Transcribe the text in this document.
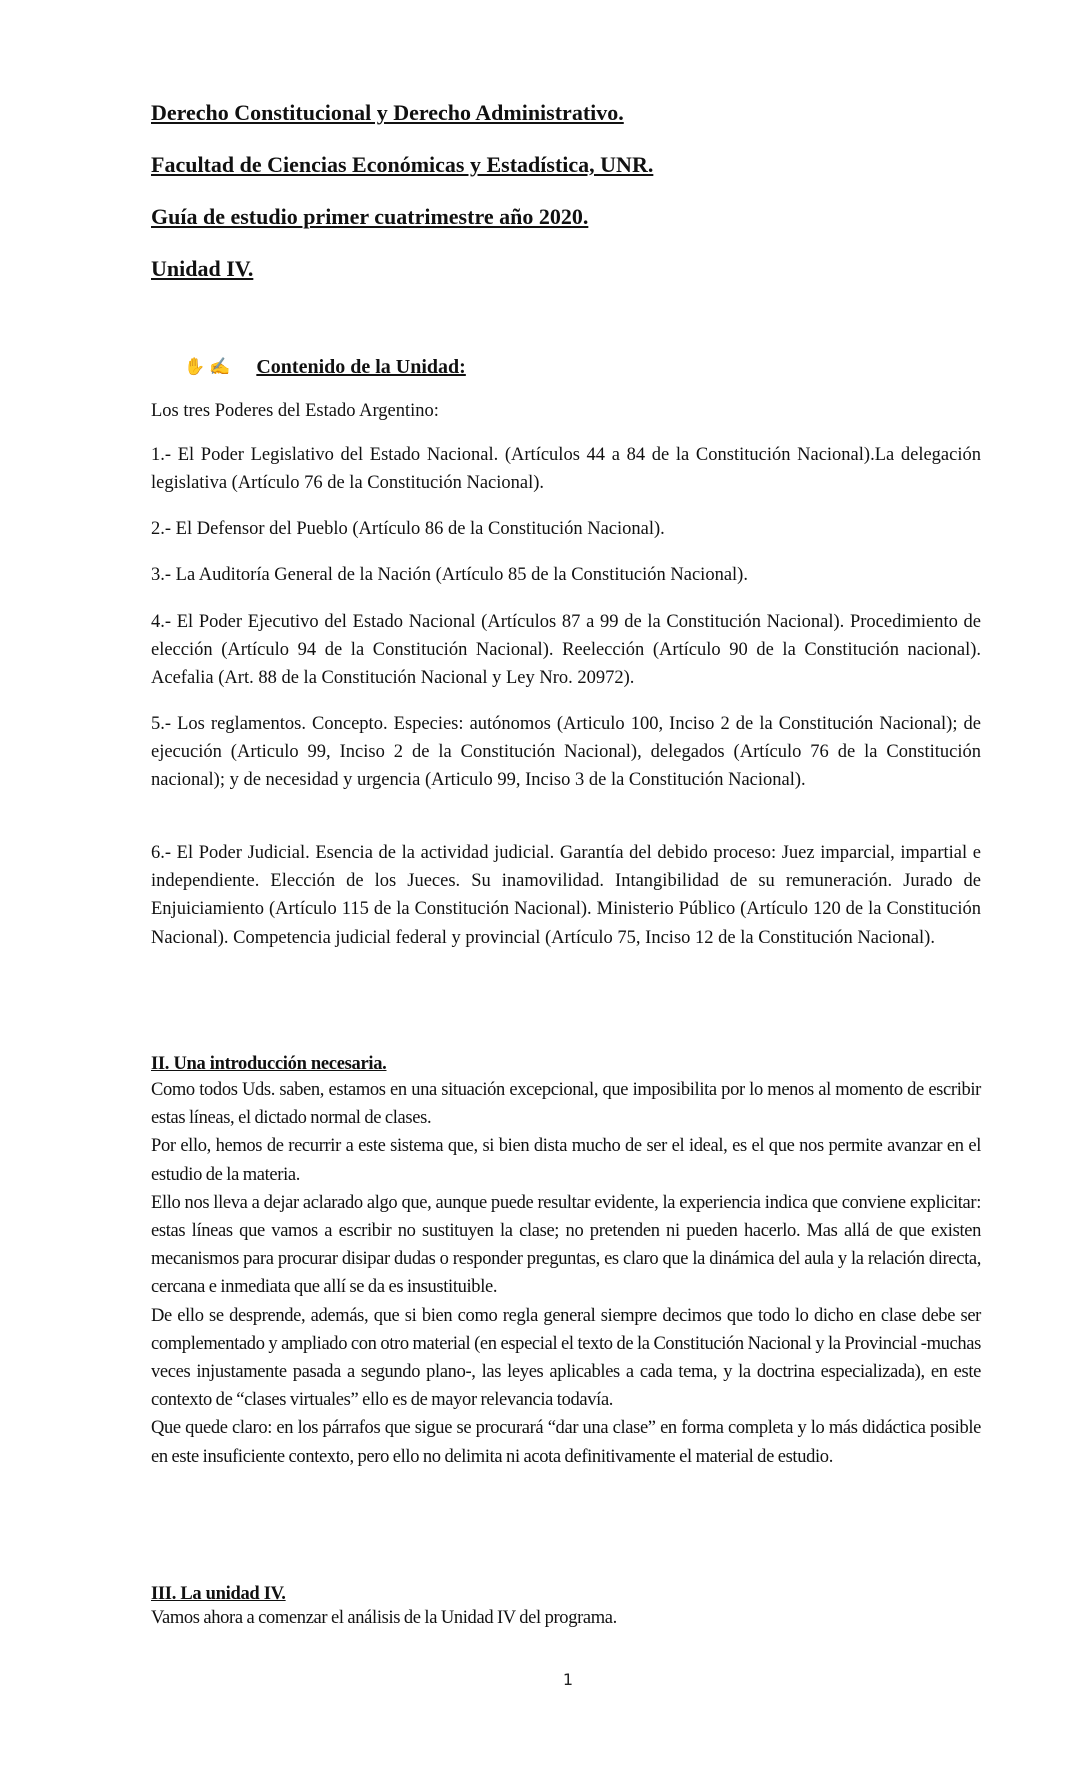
Derecho Constitucional y Derecho Administrativo.
Facultad de Ciencias Económicas y Estadística, UNR.
Guía de estudio primer cuatrimestre año 2020.
Unidad IV.
✋ ✍ Contenido de la Unidad:
Los tres Poderes del Estado Argentino:
1.- El Poder Legislativo del Estado Nacional. (Artículos 44 a 84 de la Constitución Nacional).La delegación legislativa (Artículo 76 de la Constitución Nacional).
2.- El Defensor del Pueblo (Artículo 86 de la Constitución Nacional).
3.- La Auditoría General de la Nación (Artículo 85 de la Constitución Nacional).
4.- El Poder Ejecutivo del Estado Nacional (Artículos 87 a 99 de la Constitución Nacional). Procedimiento de elección (Artículo 94 de la Constitución Nacional). Reelección (Artículo 90 de la Constitución nacional). Acefalia (Art. 88 de la Constitución Nacional y Ley Nro. 20972).
5.- Los reglamentos. Concepto. Especies: autónomos (Articulo 100, Inciso 2 de la Constitución Nacional); de ejecución (Articulo 99, Inciso 2 de la Constitución Nacional), delegados (Artículo 76 de la Constitución nacional); y de necesidad y urgencia (Articulo 99, Inciso 3 de la Constitución Nacional).
6.- El Poder Judicial. Esencia de la actividad judicial. Garantía del debido proceso: Juez imparcial, impartial e independiente. Elección de los Jueces. Su inamovilidad. Intangibilidad de su remuneración. Jurado de Enjuiciamiento (Artículo 115 de la Constitución Nacional). Ministerio Público (Artículo 120 de la Constitución Nacional). Competencia judicial federal y provincial (Artículo 75, Inciso 12 de la Constitución Nacional).
II. Una introducción necesaria.
Como todos Uds. saben, estamos en una situación excepcional, que imposibilita por lo menos al momento de escribir estas líneas, el dictado normal de clases.
Por ello, hemos de recurrir a este sistema que, si bien dista mucho de ser el ideal, es el que nos permite avanzar en el estudio de la materia.
Ello nos lleva a dejar aclarado algo que, aunque puede resultar evidente, la experiencia indica que conviene explicitar: estas líneas que vamos a escribir no sustituyen la clase; no pretenden ni pueden hacerlo. Mas allá de que existen mecanismos para procurar disipar dudas o responder preguntas, es claro que la dinámica del aula y la relación directa, cercana e inmediata que allí se da es insustituible.
De ello se desprende, además, que si bien como regla general siempre decimos que todo lo dicho en clase debe ser complementado y ampliado con otro material (en especial el texto de la Constitución Nacional y la Provincial -muchas veces injustamente pasada a segundo plano-, las leyes aplicables a cada tema, y la doctrina especializada), en este contexto de “clases virtuales” ello es de mayor relevancia todavía.
Que quede claro: en los párrafos que sigue se procurará “dar una clase” en forma completa y lo más didáctica posible en este insuficiente contexto, pero ello no delimita ni acota definitivamente el material de estudio.
III. La unidad IV.
Vamos ahora a comenzar el análisis de la Unidad IV del programa.
1
